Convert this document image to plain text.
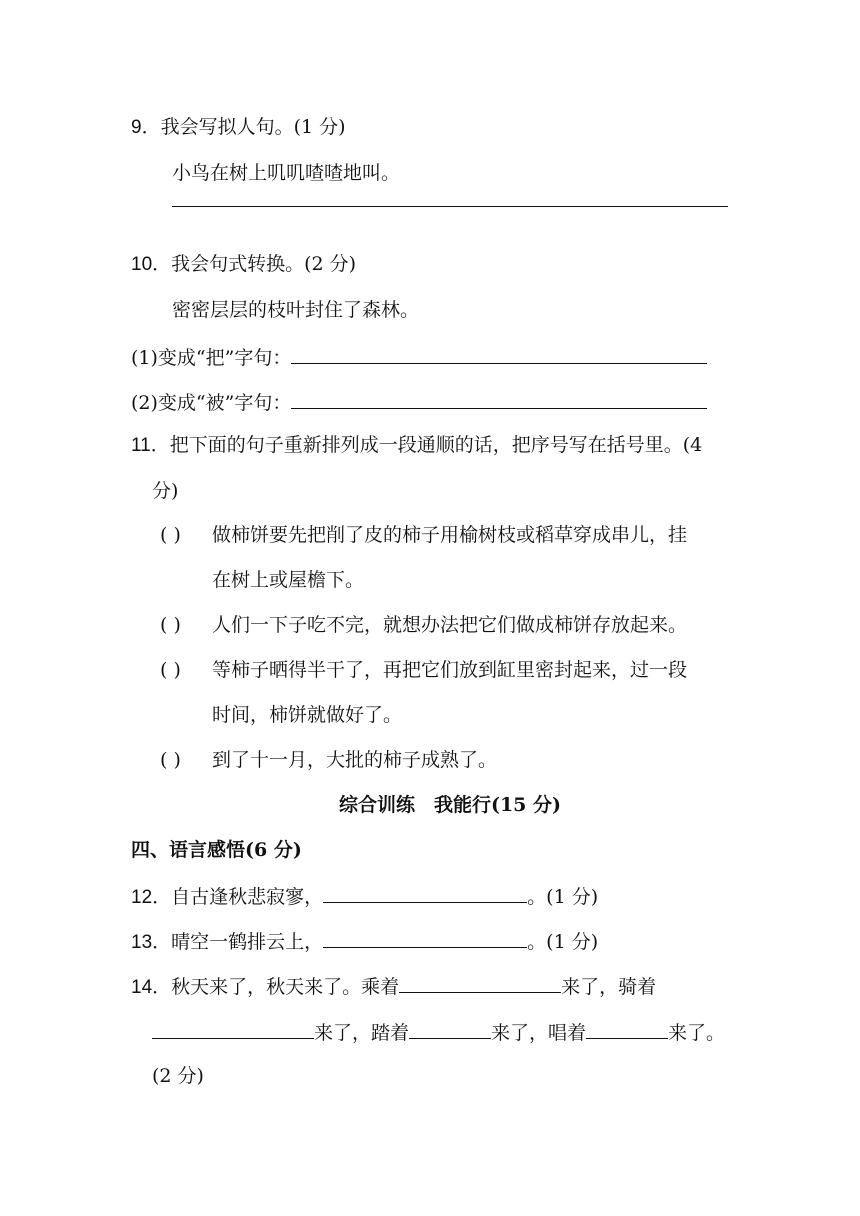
9．我会写拟人句。(1 分)
小鸟在树上叽叽喳喳地叫。
10．我会句式转换。(2 分)
密密层层的枝叶封住了森林。
(1)变成“把”字句：
(2)变成“被”字句：
11．把下面的句子重新排列成一段通顺的话，把序号写在括号里。(4
分)
( ) 做柿饼要先把削了皮的柿子用榆树枝或稻草穿成串儿，挂
在树上或屋檐下。
( ) 人们一下子吃不完，就想办法把它们做成柿饼存放起来。
( ) 等柿子晒得半干了，再把它们放到缸里密封起来，过一段
时间，柿饼就做好了。
( ) 到了十一月，大批的柿子成熟了。
综合训练　我能行(15 分)
四、语言感悟(6 分)
12．自古逢秋悲寂寥，	。(1 分)
13．晴空一鹤排云上，	。(1 分)
14．秋天来了，秋天来了。乘着	来了，骑着
来了，踏着	来了，唱着	来了。
(2 分)
